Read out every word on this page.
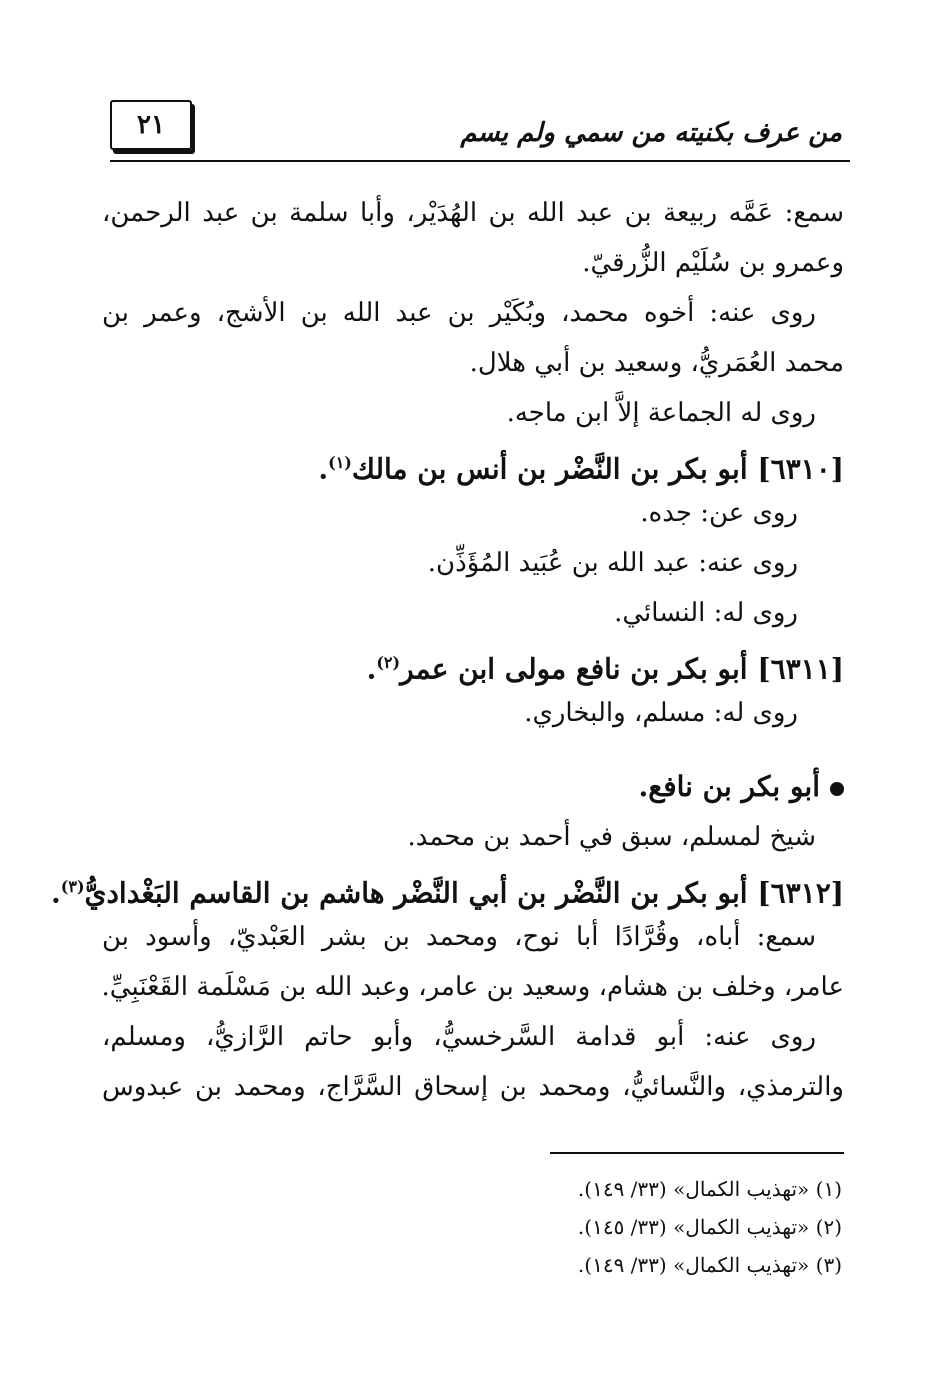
٢١	من عرف بكنيته من سمي ولم يسم
سمع: عَمَّه ربيعة بن عبد الله بن الهُدَيْر، وأبا سلمة بن عبد الرحمن،
وعمرو بن سُلَيْم الزُّرقيّ.
روى عنه: أخوه محمد، وبُكَيْر بن عبد الله بن الأشج، وعمر بن
محمد العُمَريُّ، وسعيد بن أبي هلال.
روى له الجماعة إلاَّ ابن ماجه.
[٦٣١٠] أبو بكر بن النَّضْر بن أنس بن مالك$^{(١)}$.
روى عن: جده.
روى عنه: عبد الله بن عُبَيد المُؤَذِّن.
روى له: النسائي.
[٦٣١١] أبو بكر بن نافع مولى ابن عمر$^{(٢)}$.
روى له: مسلم، والبخاري.
أبو بكر بن نافع.
شيخ لمسلم، سبق في أحمد بن محمد.
[٦٣١٢] أبو بكر بن النَّضْر بن أبي النَّضْر هاشم بن القاسم البَغْداديُّ$^{(٣)}$.
سمع: أباه، وقُرَّادًا أبا نوح، ومحمد بن بشر العَبْديّ، وأسود بن
عامر، وخلف بن هشام، وسعيد بن عامر، وعبد الله بن مَسْلَمة القَعْنَبِيِّ.
روى عنه: أبو قدامة السَّرخسيُّ، وأبو حاتم الرَّازيُّ، ومسلم،
والترمذي، والنَّسائيُّ، ومحمد بن إسحاق السَّرَّاج، ومحمد بن عبدوس
(١) «تهذيب الكمال» (٣٣/ ١٤٩).
(٢) «تهذيب الكمال» (٣٣/ ١٤٥).
(٣) «تهذيب الكمال» (٣٣/ ١٤٩).
